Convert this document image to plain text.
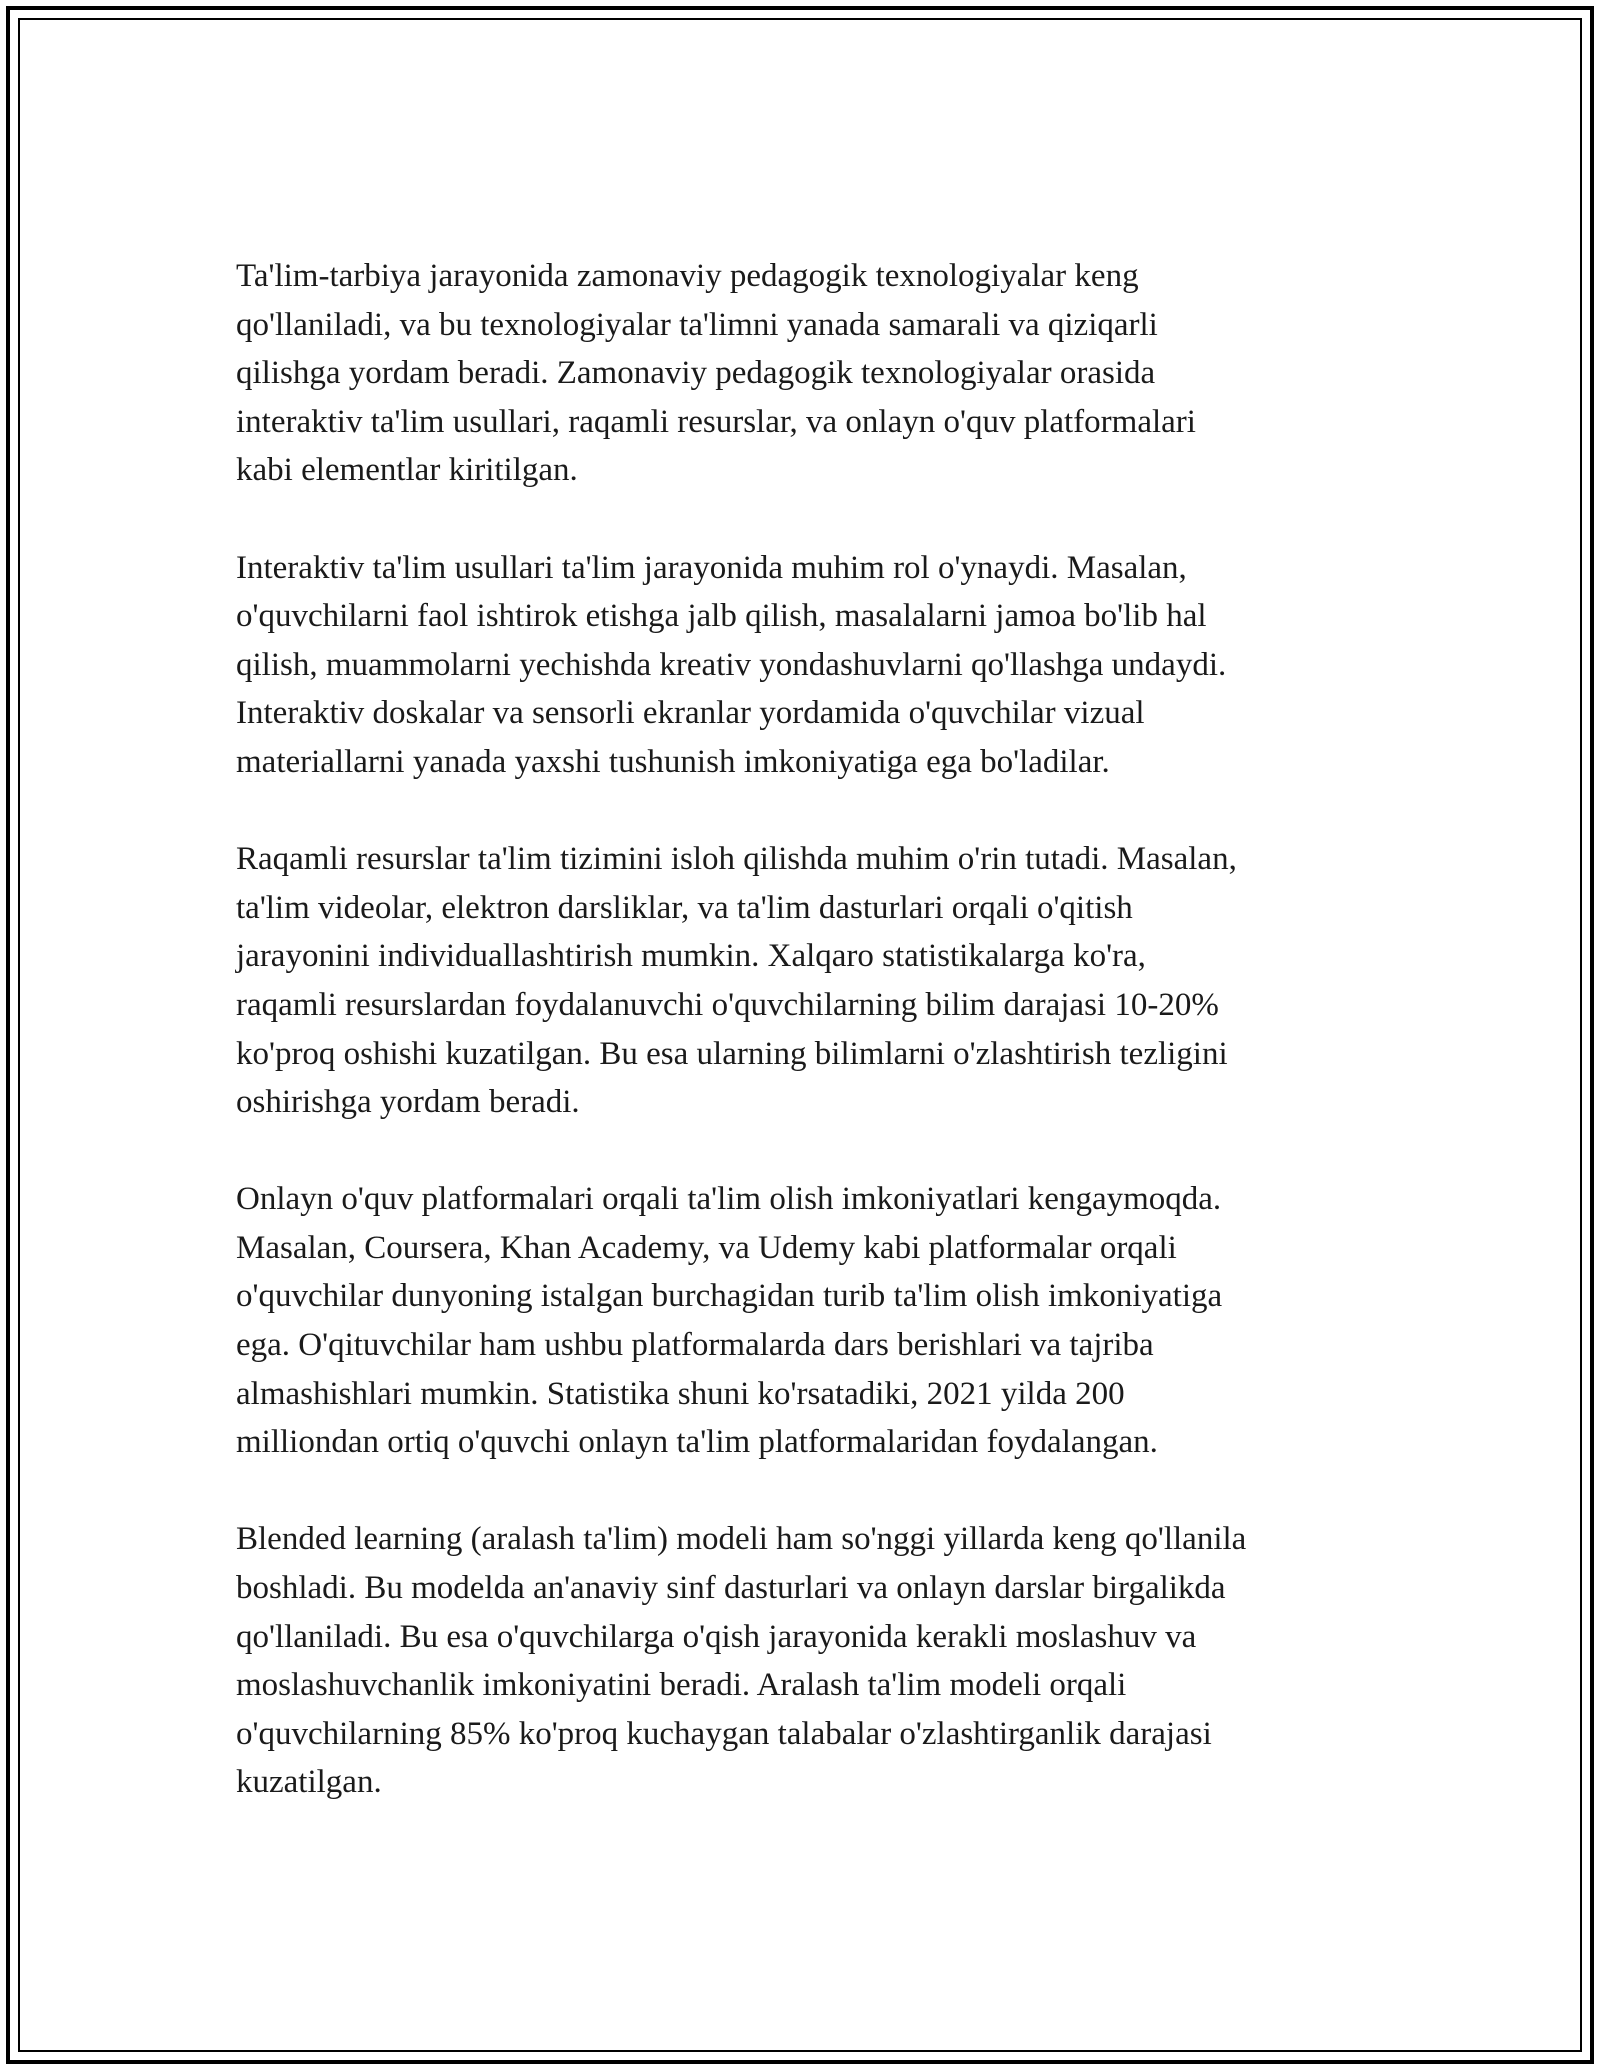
Ta'lim-tarbiya jarayonida zamonaviy pedagogik texnologiyalar keng
qo'llaniladi, va bu texnologiyalar ta'limni yanada samarali va qiziqarli
qilishga yordam beradi. Zamonaviy pedagogik texnologiyalar orasida
interaktiv ta'lim usullari, raqamli resurslar, va onlayn o'quv platformalari
kabi elementlar kiritilgan.

Interaktiv ta'lim usullari ta'lim jarayonida muhim rol o'ynaydi. Masalan,
o'quvchilarni faol ishtirok etishga jalb qilish, masalalarni jamoa bo'lib hal
qilish, muammolarni yechishda kreativ yondashuvlarni qo'llashga undaydi.
Interaktiv doskalar va sensorli ekranlar yordamida o'quvchilar vizual
materiallarni yanada yaxshi tushunish imkoniyatiga ega bo'ladilar.

Raqamli resurslar ta'lim tizimini isloh qilishda muhim o'rin tutadi. Masalan,
ta'lim videolar, elektron darsliklar, va ta'lim dasturlari orqali o'qitish
jarayonini individuallashtirish mumkin. Xalqaro statistikalarga ko'ra,
raqamli resurslardan foydalanuvchi o'quvchilarning bilim darajasi 10-20%
ko'proq oshishi kuzatilgan. Bu esa ularning bilimlarni o'zlashtirish tezligini
oshirishga yordam beradi.

Onlayn o'quv platformalari orqali ta'lim olish imkoniyatlari kengaymoqda.
Masalan, Coursera, Khan Academy, va Udemy kabi platformalar orqali
o'quvchilar dunyoning istalgan burchagidan turib ta'lim olish imkoniyatiga
ega. O'qituvchilar ham ushbu platformalarda dars berishlari va tajriba
almashishlari mumkin. Statistika shuni ko'rsatadiki, 2021 yilda 200
milliondan ortiq o'quvchi onlayn ta'lim platformalaridan foydalangan.

Blended learning (aralash ta'lim) modeli ham so'nggi yillarda keng qo'llanila
boshladi. Bu modelda an'anaviy sinf dasturlari va onlayn darslar birgalikda
qo'llaniladi. Bu esa o'quvchilarga o'qish jarayonida kerakli moslashuv va
moslashuvchanlik imkoniyatini beradi. Aralash ta'lim modeli orqali
o'quvchilarning 85% ko'proq kuchaygan talabalar o'zlashtirganlik darajasi
kuzatilgan.
